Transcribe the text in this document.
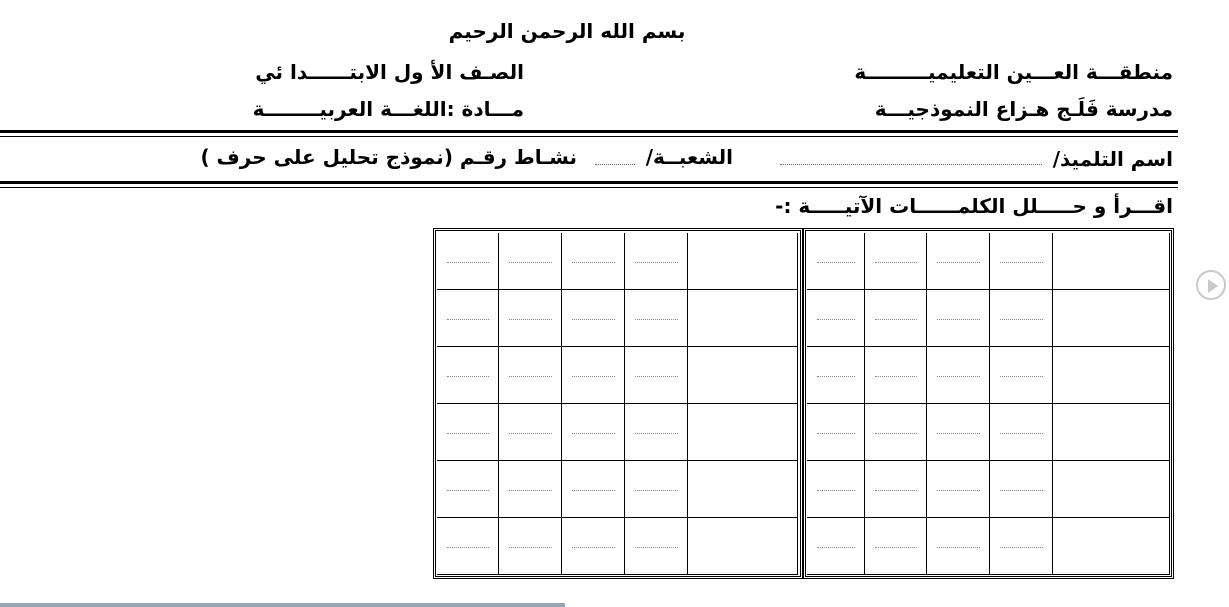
بسم الله الرحمن الرحيم
منطقـــة العـــين التعليميـــــــــة
مدرسة فَلَـج هـزاع النموذجيـــة
الصـف الأ ول الابتــــــدا ئي
مـــادة :اللغـــة العربيــــــــة
اسم التلميذ/
الشعبــة/
نشـاط رقـم (نموذج تحليل على حرف )
اقـــرأ و حـــــلل الكلمــــــات الآتيـــــة :-
